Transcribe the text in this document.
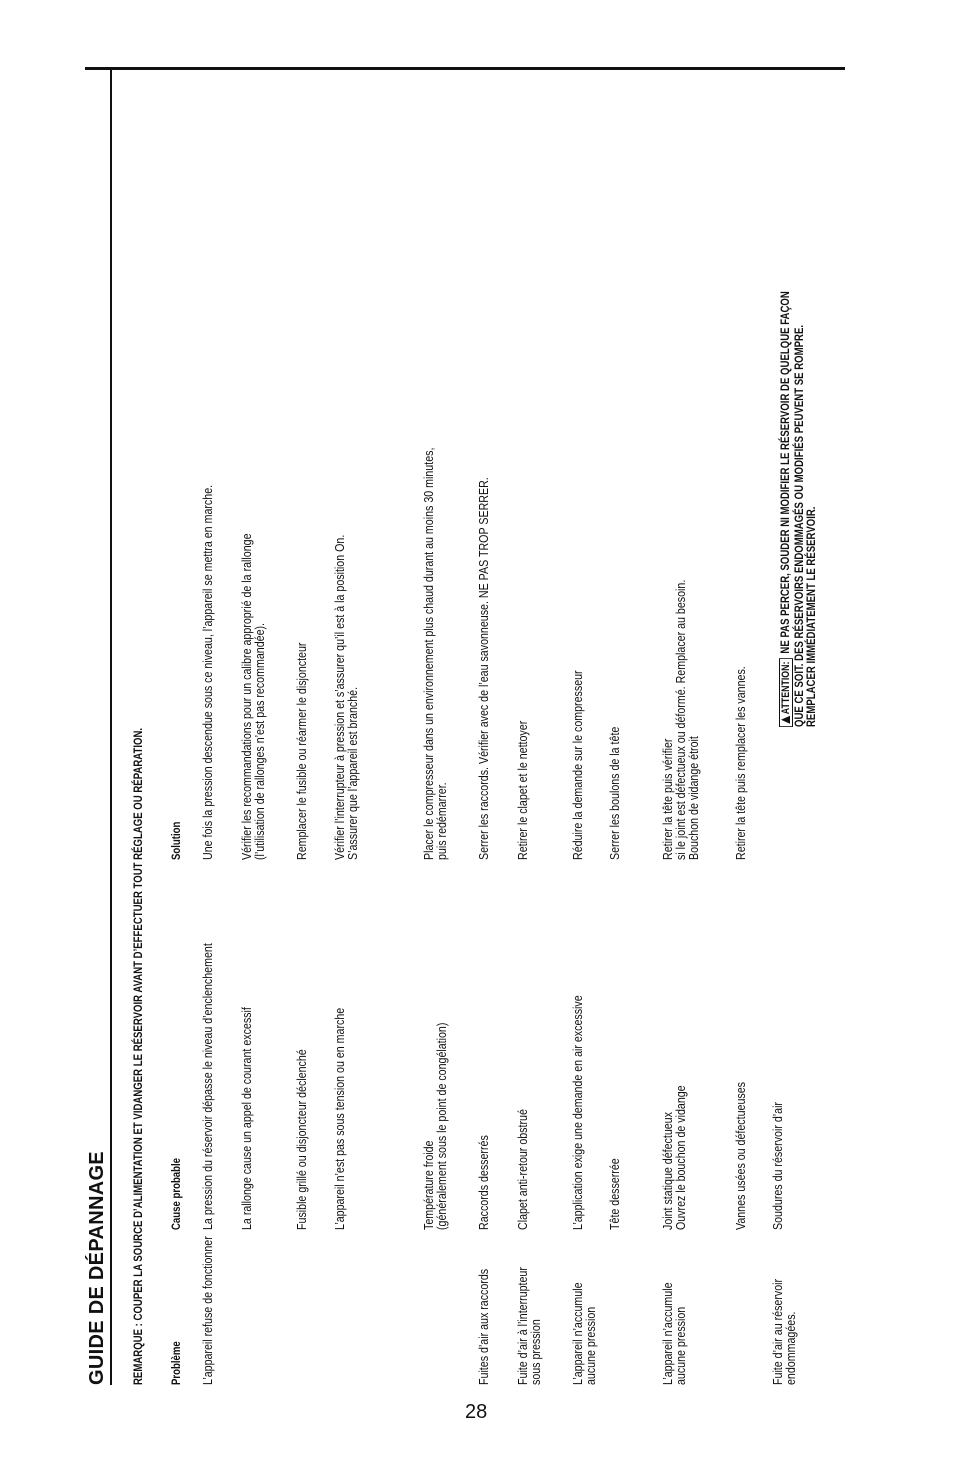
GUIDE DE DÉPANNAGE REMARQUE : COUPER LA SOURCE D’ALIMENTATION ET VIDANGER LE RÉSERVOIR AVANT D’EFFECTUER TOUT RÉGLAGE OU RÉPARATION. Problème
Cause probable
Solution
L’appareil refuse de fonctionner
La pression du réservoir dépasse le niveau d’enclenchement
Une fois la pression descendue sous ce niveau, l’appareil se mettra en marche.
La rallonge cause un appel de courant excessif
Vérifier les recommandations pour un calibre approprié de la rallonge
(l’utilisation de rallonges n’est pas recommandée).
Fusible grillé ou disjoncteur déclenché
Remplacer le fusible ou réarmer le disjoncteur
L’appareil n’est pas sous tension ou en marche
Vérifier l’interrupteur à pression et s’assurer qu’il est à la position On.
S’assurer que l’appareil est branché.
Température froide
(généralement sous le point de congélation)
Placer le compresseur dans un environnement plus chaud durant au moins 30 minutes,
puis redémarrer.
Fuites d’air aux raccords
Raccords desserrés
Serrer les raccords. Vérifier avec de l’eau savonneuse. NE PAS TROP SERRER.
Fuite d’air à l’interrupteur
sous pression
Clapet anti-retour obstrué
Retirer le clapet et le nettoyer
L’appareil n’accumule
aucune pression
L’application exige une demande en air excessive
Réduire la demande sur le compresseur
Tête desserrée
Serrer les boulons de la tête
L’appareil n’accumule
aucune pression
Joint statique défectueux
Ouvrez le bouchon de vidange
Retirer la tête puis vérifier
si le joint est défectueux ou déformé. Remplacer au besoin.
Bouchon de vidange étroit
Vannes usées ou défectueuses
Retirer la tête puis remplacer les vannes.
Fuite d’air au réservoir
endommagées.
Soudures du réservoir d’air
ATTENTION:NE PAS PERCER, SOUDER NI MODIFIER LE RÉSERVOIR DE QUELQUE FAÇON QUE CE SOIT. DES RÉSERVOIRS ENDOMMAGÉS OU MODIFIÉS PEUVENT SE ROMPRE.
REMPLACER IMMÉDIATEMENT LE RÉSERVOIR.
28
